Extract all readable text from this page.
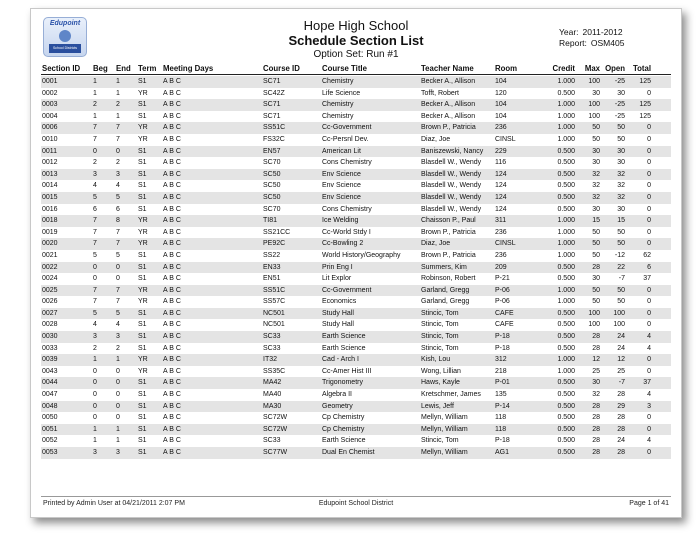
Edupoint
School Districts
Hope High School
Schedule Section List
Option Set: Run #1
Year: 2011-2012
Report: OSM405
Section ID Beg End Term Meeting Days	Course ID	Course Title	Teacher Name	Room	Credit	Max Open	Total
0001	1	1	S1 A B C	SC71	Chemistry	Becker A., Allison	104	1.000	100	-25	125
0002	1	1	YR A B C	SC42Z	Life Science	Tofft, Robert	120	0.500	30	30	0
0003	2	2	S1 A B C	SC71	Chemistry	Becker A., Allison	104	1.000	100	-25	125
0004	1	1	S1 A B C	SC71	Chemistry	Becker A., Allison	104	1.000	100	-25	125
0006	7	7	YR A B C	SS51C	Cc-Government	Brown P., Patricia	236	1.000	50	50	0
0010	7	7	YR A B C	FS32C	Cc-Persnl Dev.	Diaz, Joe	CINSL	1.000	50	50	0
0011	0	0	S1 A B C	EN57	American Lit	Baniszewski, Nancy	229	0.500	30	30	0
0012	2	2	S1 A B C	SC70	Cons Chemistry	Blasdell W., Wendy	116	0.500	30	30	0
0013	3	3	S1 A B C	SC50	Env Science	Blasdell W., Wendy	124	0.500	32	32	0
0014	4	4	S1 A B C	SC50	Env Science	Blasdell W., Wendy	124	0.500	32	32	0
0015	5	5	S1 A B C	SC50	Env Science	Blasdell W., Wendy	124	0.500	32	32	0
0016	6	6	S1 A B C	SC70	Cons Chemistry	Blasdell W., Wendy	124	0.500	30	30	0
0018	7	8	YR A B C	TI81	Ice Welding	Chaisson P., Paul	311	1.000	15	15	0
0019	7	7	YR A B C	SS21CC	Cc-World Stdy I	Brown P., Patricia	236	1.000	50	50	0
0020	7	7	YR A B C	PE92C	Cc-Bowling 2	Diaz, Joe	CINSL	1.000	50	50	0
0021	5	5	S1 A B C	SS22	World History/Geography	Brown P., Patricia	236	1.000	50	-12	62
0022	0	0	S1 A B C	EN33	Prin Eng I	Summers, Kim	209	0.500	28	22	6
0024	0	0	S1 A B C	EN51	Lit Explor	Robinson, Robert	P-21	0.500	30	-7	37
0025	7	7	YR A B C	SS51C	Cc-Government	Garland, Gregg	P-06	1.000	50	50	0
0026	7	7	YR A B C	SS57C	Economics	Garland, Gregg	P-06	1.000	50	50	0
0027	5	5	S1 A B C	NC501	Study Hall	Stincic, Tom	CAFE	0.500	100	100	0
0028	4	4	S1 A B C	NC501	Study Hall	Stincic, Tom	CAFE	0.500	100	100	0
0030	3	3	S1 A B C	SC33	Earth Science	Stincic, Tom	P-18	0.500	28	24	4
0033	2	2	S1 A B C	SC33	Earth Science	Stincic, Tom	P-18	0.500	28	24	4
0039	1	1	YR A B C	IT32	Cad - Arch I	Kish, Lou	312	1.000	12	12	0
0043	0	0	YR A B C	SS35C	Cc-Amer Hist III	Wong, Lillian	218	1.000	25	25	0
0044	0	0	S1 A B C	MA42	Trigonometry	Haws, Kayle	P-01	0.500	30	-7	37
0047	0	0	S1 A B C	MA40	Algebra II	Kretschmer, James	135	0.500	32	28	4
0048	0	0	S1 A B C	MA30	Geometry	Lewis, Jeff	P-14	0.500	28	29	3
0050	0	0	S1 A B C	SC72W	Cp Chemistry	Mellyn, William	118	0.500	28	28	0
0051	1	1	S1 A B C	SC72W	Cp Chemistry	Mellyn, William	118	0.500	28	28	0
0052	1	1	S1 A B C	SC33	Earth Science	Stincic, Tom	P-18	0.500	28	24	4
0053	3	3	S1 A B C	SC77W	Dual En Chemist	Mellyn, William	AG1	0.500	28	28	0
Printed by Admin User at 04/21/2011 2:07 PM	Edupoint School District	Page 1 of 41
